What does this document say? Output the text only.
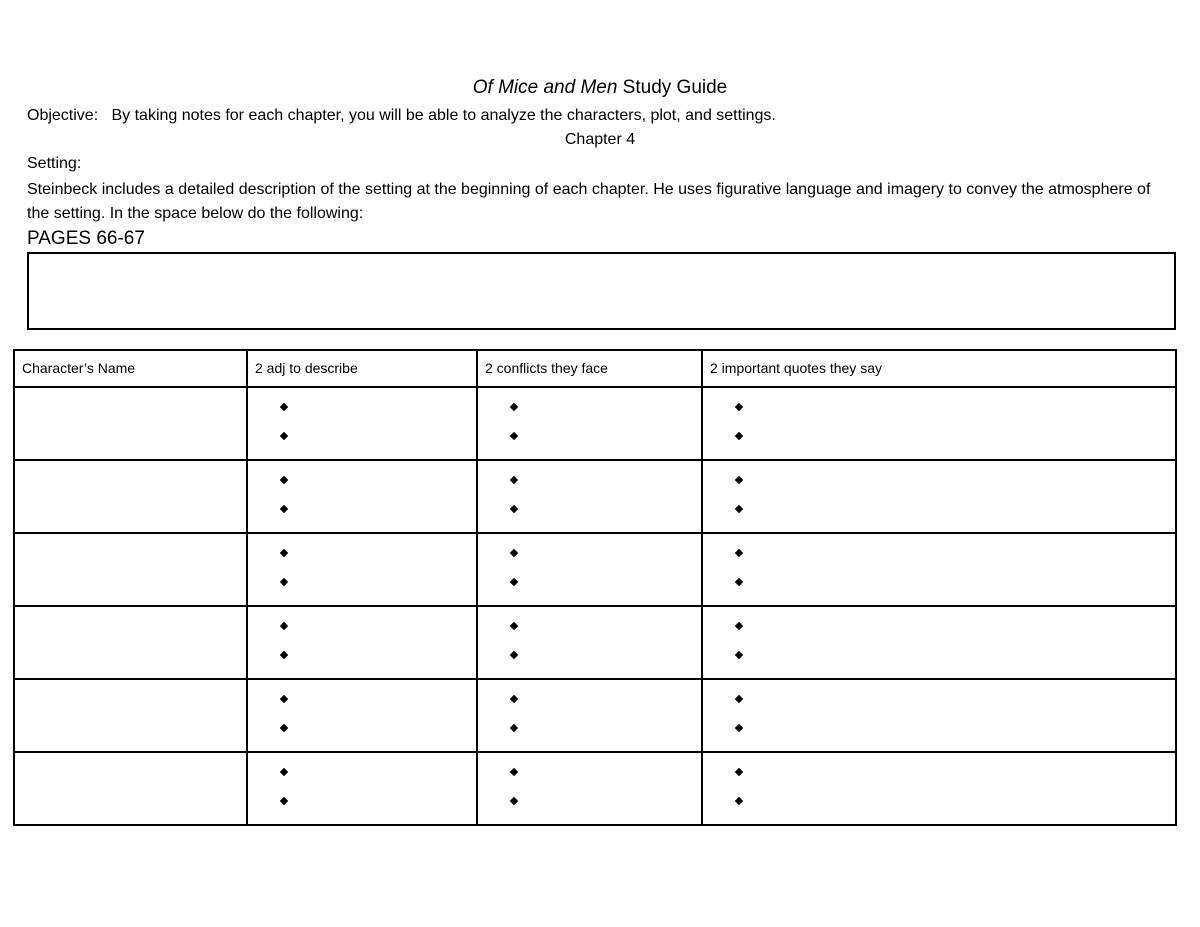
Of Mice and Men Study Guide
Objective:   By taking notes for each chapter, you will be able to analyze the characters, plot, and settings.
Chapter 4
Setting:
Steinbeck includes a detailed description of the setting at the beginning of each chapter. He uses figurative language and imagery to convey the atmosphere of the setting. In the space below do the following:
PAGES 66-67
Character’s Name	2 adj to describe	2 conflicts they face	2 important quotes they say
